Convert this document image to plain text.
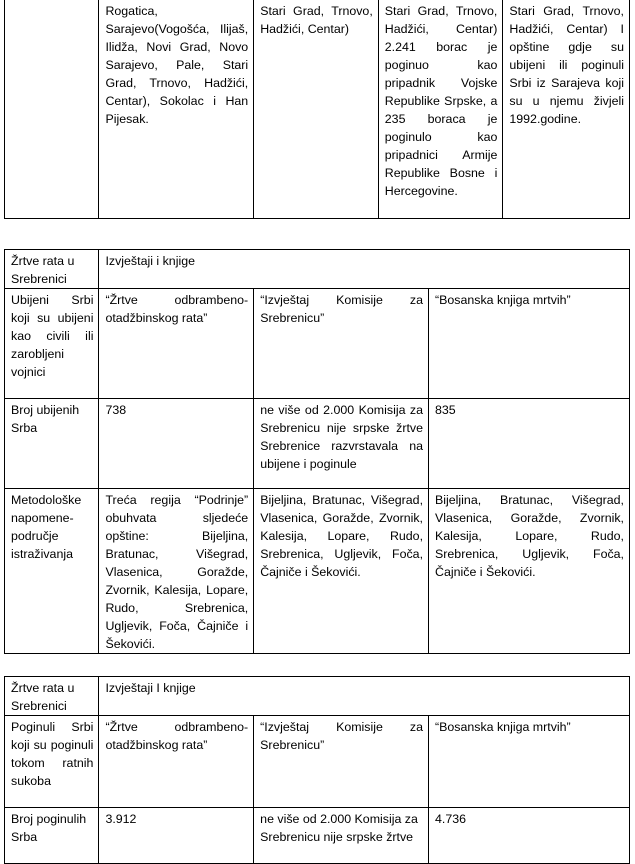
	Rogatica, Sarajevo(Vogošća, Ilijaš, Ilidža, Novi Grad, Novo Sarajevo, Pale, Stari Grad, Trnovo, Hadžići, Centar), Sokolac i Han Pijesak.	Stari Grad, Trnovo, Hadžići, Centar)	Stari Grad, Trnovo, Hadžići, Centar) 2.241 borac je poginuo kao pripadnik Vojske Republike Srpske, a 235 boraca je poginulo kao pripadnici Armije Republike Bosne i Hercegovine.	Stari Grad, Trnovo, Hadžići, Centar) I opštine gdje su ubijeni ili poginuli Srbi iz Sarajeva koji su u njemu živjeli 1992.godine.
Žrtve rata u Srebrenici	Izvještaji i knjige		
Ubijeni Srbi koji su ubijeni kao civili ili zarobljeni vojnici	“Žrtve odbrambeno-otadžbinskog rata”	“Izvještaj Komisije za Srebrenicu”	“Bosanska knjiga mrtvih”
Broj ubijenih Srba	738	ne više od 2.000 Komisija za Srebrenicu nije srpske žrtve Srebrenice razvrstavala na ubijene i poginule	835
Metodološke napomene-područje istraživanja	Treća regija “Podrinje” obuhvata sljedeće opštine: Bijeljina, Bratunac, Višegrad, Vlasenica, Goražde, Zvornik, Kalesija, Lopare, Rudo, Srebrenica, Ugljevik, Foča, Čajniče i Šekovići.	Bijeljina, Bratunac, Višegrad, Vlasenica, Goražde, Zvornik, Kalesija, Lopare, Rudo, Srebrenica, Ugljevik, Foča, Čajniče i Šekovići.	Bijeljina, Bratunac, Višegrad, Vlasenica, Goražde, Zvornik, Kalesija, Lopare, Rudo, Srebrenica, Ugljevik, Foča, Čajniče i Šekovići.
Žrtve rata u Srebrenici	Izvještaji I knjige		
Poginuli Srbi koji su poginuli tokom ratnih sukoba	“Žrtve odbrambeno-otadžbinskog rata”	“Izvještaj Komisije za Srebrenicu”	“Bosanska knjiga mrtvih”
Broj poginulih Srba	3.912	ne više od 2.000 Komisija za Srebrenicu nije srpske žrtve	4.736
